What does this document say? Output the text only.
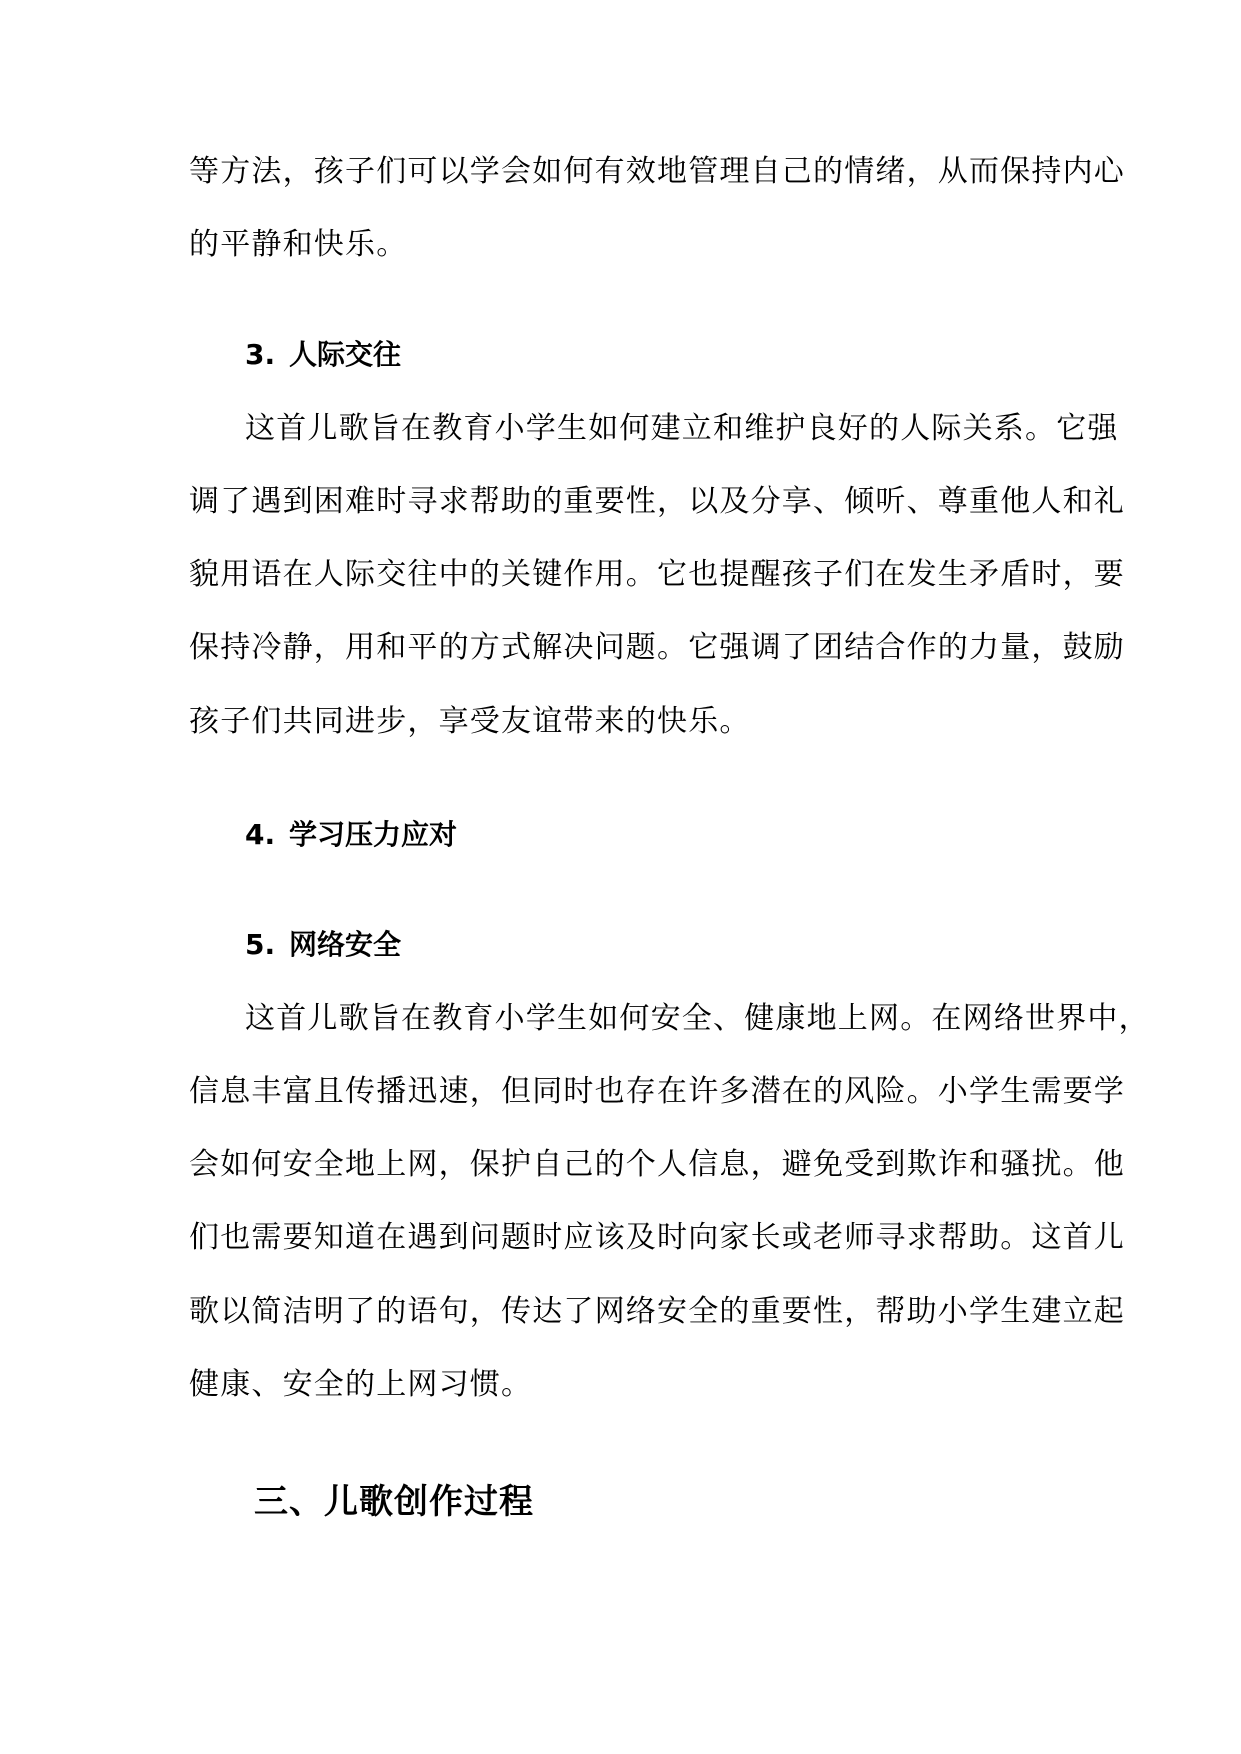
等方法，孩子们可以学会如何有效地管理自己的情绪，从而保持内心
的平静和快乐。
3. 人际交往
这首儿歌旨在教育小学生如何建立和维护良好的人际关系。它强
调了遇到困难时寻求帮助的重要性，以及分享、倾听、尊重他人和礼
貌用语在人际交往中的关键作用。它也提醒孩子们在发生矛盾时，要
保持冷静，用和平的方式解决问题。它强调了团结合作的力量，鼓励
孩子们共同进步，享受友谊带来的快乐。
4. 学习压力应对
5. 网络安全
这首儿歌旨在教育小学生如何安全、健康地上网。在网络世界中，
信息丰富且传播迅速，但同时也存在许多潜在的风险。小学生需要学
会如何安全地上网，保护自己的个人信息，避免受到欺诈和骚扰。他
们也需要知道在遇到问题时应该及时向家长或老师寻求帮助。这首儿
歌以简洁明了的语句，传达了网络安全的重要性，帮助小学生建立起
健康、安全的上网习惯。
三、儿歌创作过程
